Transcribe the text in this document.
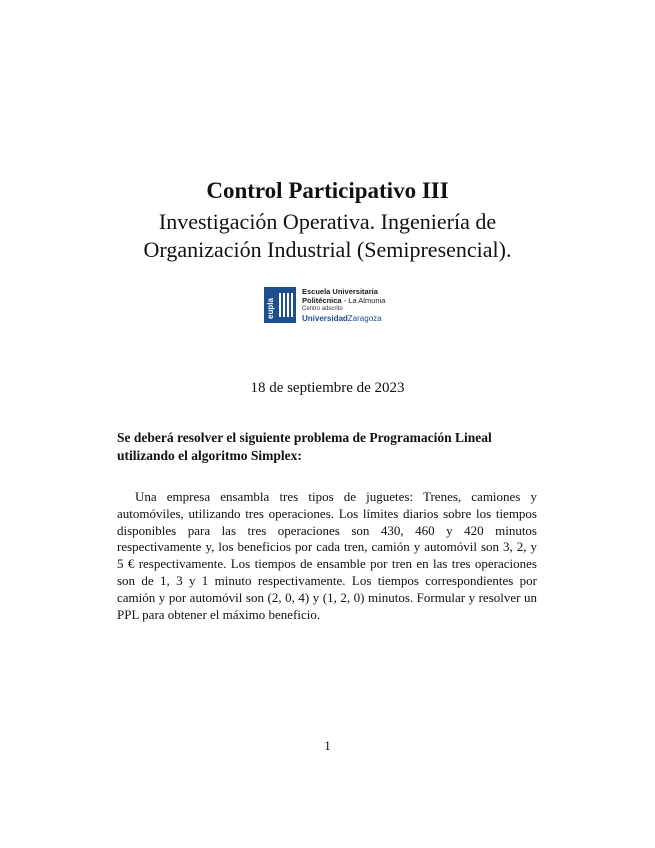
Control Participativo III
Investigación Operativa. Ingeniería de
Organización Industrial (Semipresencial).
eupla
Escuela Universitaria
Politécnica - La Almunia
Centro adscrito
UniversidadZaragoza
18 de septiembre de 2023

Se deberá resolver el siguiente problema de Programación Lineal utilizando el algoritmo Simplex:

Una empresa ensambla tres tipos de juguetes: Trenes, camiones y automóviles, utilizando tres operaciones. Los límites diarios sobre los tiempos disponibles para las tres operaciones son 430, 460 y 420 minutos respectivamente y, los beneficios por cada tren, camión y automóvil son 3, 2, y 5 € respectivamente. Los tiempos de ensamble por tren en las tres operaciones son de 1, 3 y 1 minuto respectivamente. Los tiempos correspondientes por camión y por automóvil son (2, 0, 4) y (1, 2, 0) minutos. Formular y resolver un PPL para obtener el máximo beneficio.

1
